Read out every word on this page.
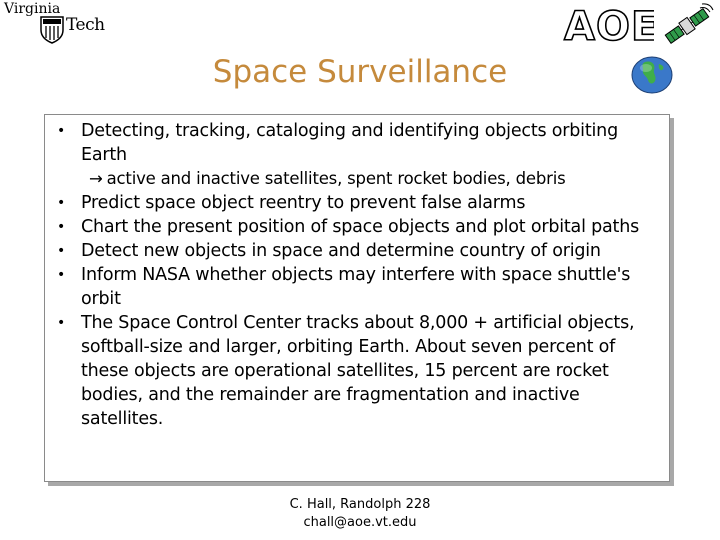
Virginia
Tech	AOE
Space Surveillance
• Detecting, tracking, cataloging and identifying objects orbiting Earth
→ active and inactive satellites, spent rocket bodies, debris
• Predict space object reentry to prevent false alarms
• Chart the present position of space objects and plot orbital paths
• Detect new objects in space and determine country of origin
• Inform NASA whether objects may interfere with space shuttle's orbit
• The Space Control Center tracks about 8,000 + artificial objects, softball-size and larger, orbiting Earth. About seven percent of these objects are operational satellites, 15 percent are rocket bodies, and the remainder are fragmentation and inactive satellites.
C. Hall, Randolph 228
chall@aoe.vt.edu
